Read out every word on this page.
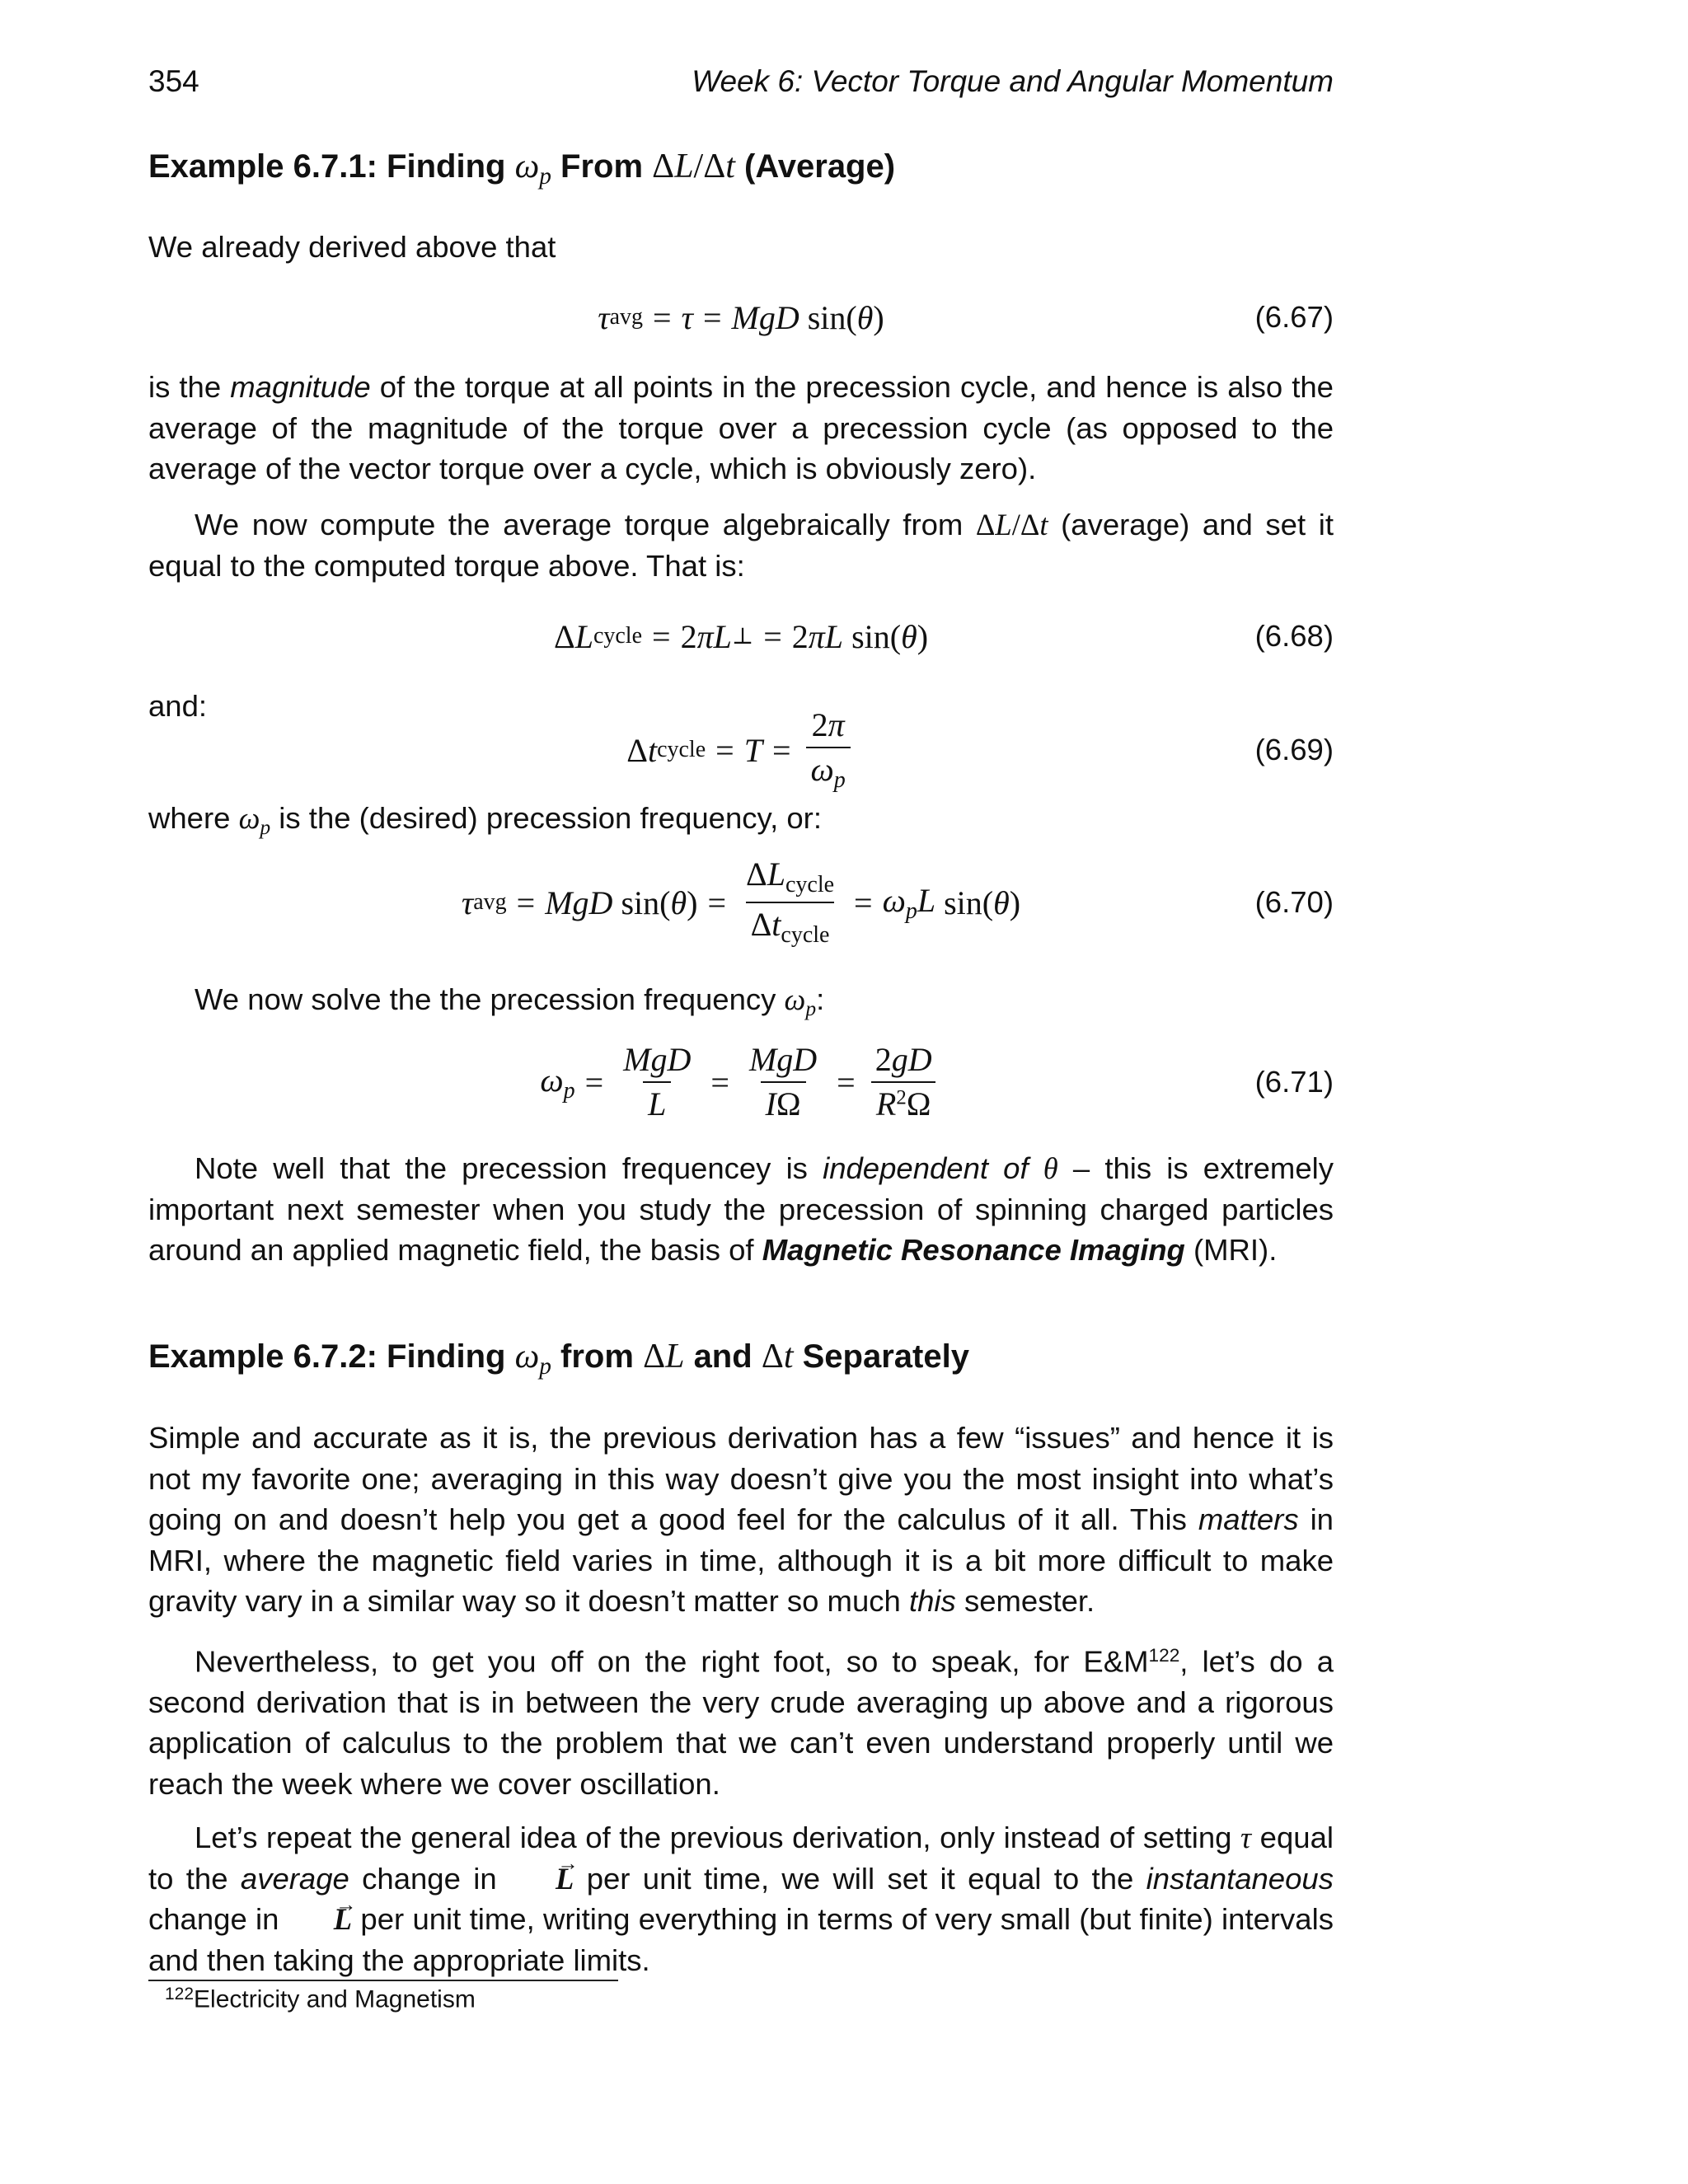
354	Week 6: Vector Torque and Angular Momentum
Example 6.7.1: Finding ωp From ΔL/Δt (Average)
We already derived above that
τ avg = τ = MgD
sin( θ )	(6.67)
is the magnitude of the torque at all points in the precession cycle, and hence is also the average of the magnitude of the torque over a precession cycle (as opposed to the average of the vector torque over a cycle, which is obviously zero).
We now compute the average torque algebraically from ΔL/Δt (average) and set it equal to the computed torque above. That is:
Δ L cycle = 2 πL ⊥ = 2 πL
sin( θ )	(6.68)
and:
Δ t cycle = $T = \frac{2\pi}{\omega p}$	(6.69)
where ωp is the (desired) precession frequency, or:
τ avg = MgD
sin( θ ) = $\frac{\Delta L_{cycle}}{\Delta t_{cycle}} = \omega pL$
sin( θ )	(6.70)
We now solve the the precession frequency ωp:
$\omega p = \frac{\text{MgD}}{L} = \frac{\text{MgD}}{I\Omega} = \frac{2gD}{R^2\Omega}$	(6.71)
Note well that the precession frequencey is independent of θ – this is extremely important next semester when you study the precession of spinning charged particles around an applied magnetic field, the basis of Magnetic Resonance Imaging (MRI).
Example 6.7.2: Finding ωp from ΔL and Δt Separately
Simple and accurate as it is, the previous derivation has a few “issues” and hence it is not my favorite one; averaging in this way doesn’t give you the most insight into what’s going on and doesn’t help you get a good feel for the calculus of it all. This matters in MRI, where the magnetic field varies in time, although it is a bit more difficult to make gravity vary in a similar way so it doesn’t matter so much this semester.
Nevertheless, to get you off on the right foot, so to speak, for $E\&M^{122}$, let’s do a second derivation that is in between the very crude averaging up above and a rigorous application of calculus to the problem that we can’t even understand properly until we reach the week where we cover oscillation.
Let’s repeat the general idea of the previous derivation, only instead of setting τ equal to the average change in → L per unit time, we will set it equal to the instantaneous change in → L per unit time, writing everything in terms of very small (but finite) intervals and then taking the appropriate limits.
$^{122}$Electricity and Magnetism
